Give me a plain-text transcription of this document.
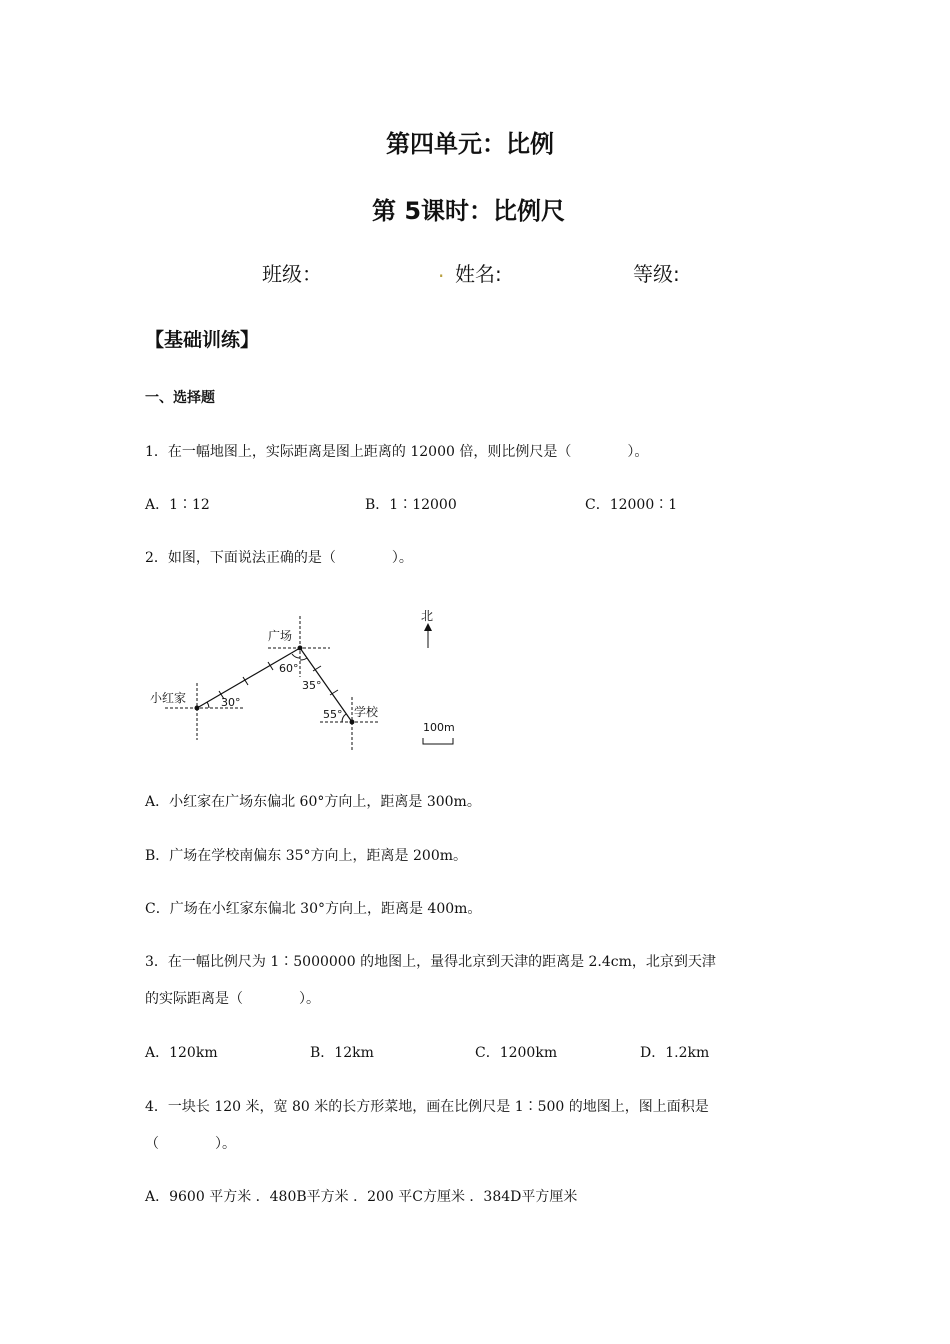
第四单元：比例
第 5课时：比例尺
班级：	. 姓名:	等级:
【基础训练】
一、选择题
1．在一幅地图上，实际距离是图上距离的 12000 倍，则比例尺是（　　　　）。
A．1∶12	B．1∶12000	C．12000∶1
2．如图，下面说法正确的是（　　　　）。
北
广场
小红家
学校
60°
35°
30°
55°
100m
A．小红家在广场东偏北 60°方向上，距离是 300m。
B．广场在学校南偏东 35°方向上，距离是 200m。
C．广场在小红家东偏北 30°方向上，距离是 400m。
3．在一幅比例尺为 1∶5000000 的地图上，量得北京到天津的距离是 2.4cm，北京到天津
的实际距离是（　　　　）。
A．120km	B．12km	C．1200km	D．1.2km
4．一块长 120 米，宽 80 米的长方形菜地，画在比例尺是 1∶500 的地图上，图上面积是
（　　　　）。
A．9600 平方米 ．480B平方米 ．200 平C方厘米 ．384D平方厘米
